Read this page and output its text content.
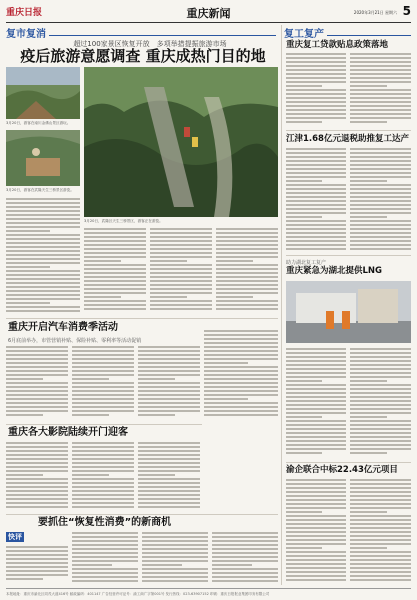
重庆日报	重庆新闻	2020年3月21日 星期六 5
复市复消	复工复产
超过100家景区恢复开放　多项举措提振旅游市场
疫后旅游意愿调查 重庆成热门目的地
3月20日，游客在南川金佛山景区游玩。
3月20日，游客在武隆天生三桥景区游览。
3月20日，武隆区天生三桥景区，游客正在游览。
重庆复工贷款贴息政策落地
江津1.68亿元退税助推复工达产
助力湖北复工复产
重庆紧急为湖北提供LNG
渝企联合中标22.43亿元项目
重庆开启汽车消费季活动
6月底前举办，市管营销补贴、保险补贴、零利率等活动促销
重庆各大影院陆续开门迎客
要抓住“恢复性消费”的新商机
快评
本报地址：重庆市渝北区同茂大道416号 邮政编码：401147 广告经营许可证号：渝工商广字第001号 发行热线：023-63907152 印刷：重庆日报报业集团印务有限公司
